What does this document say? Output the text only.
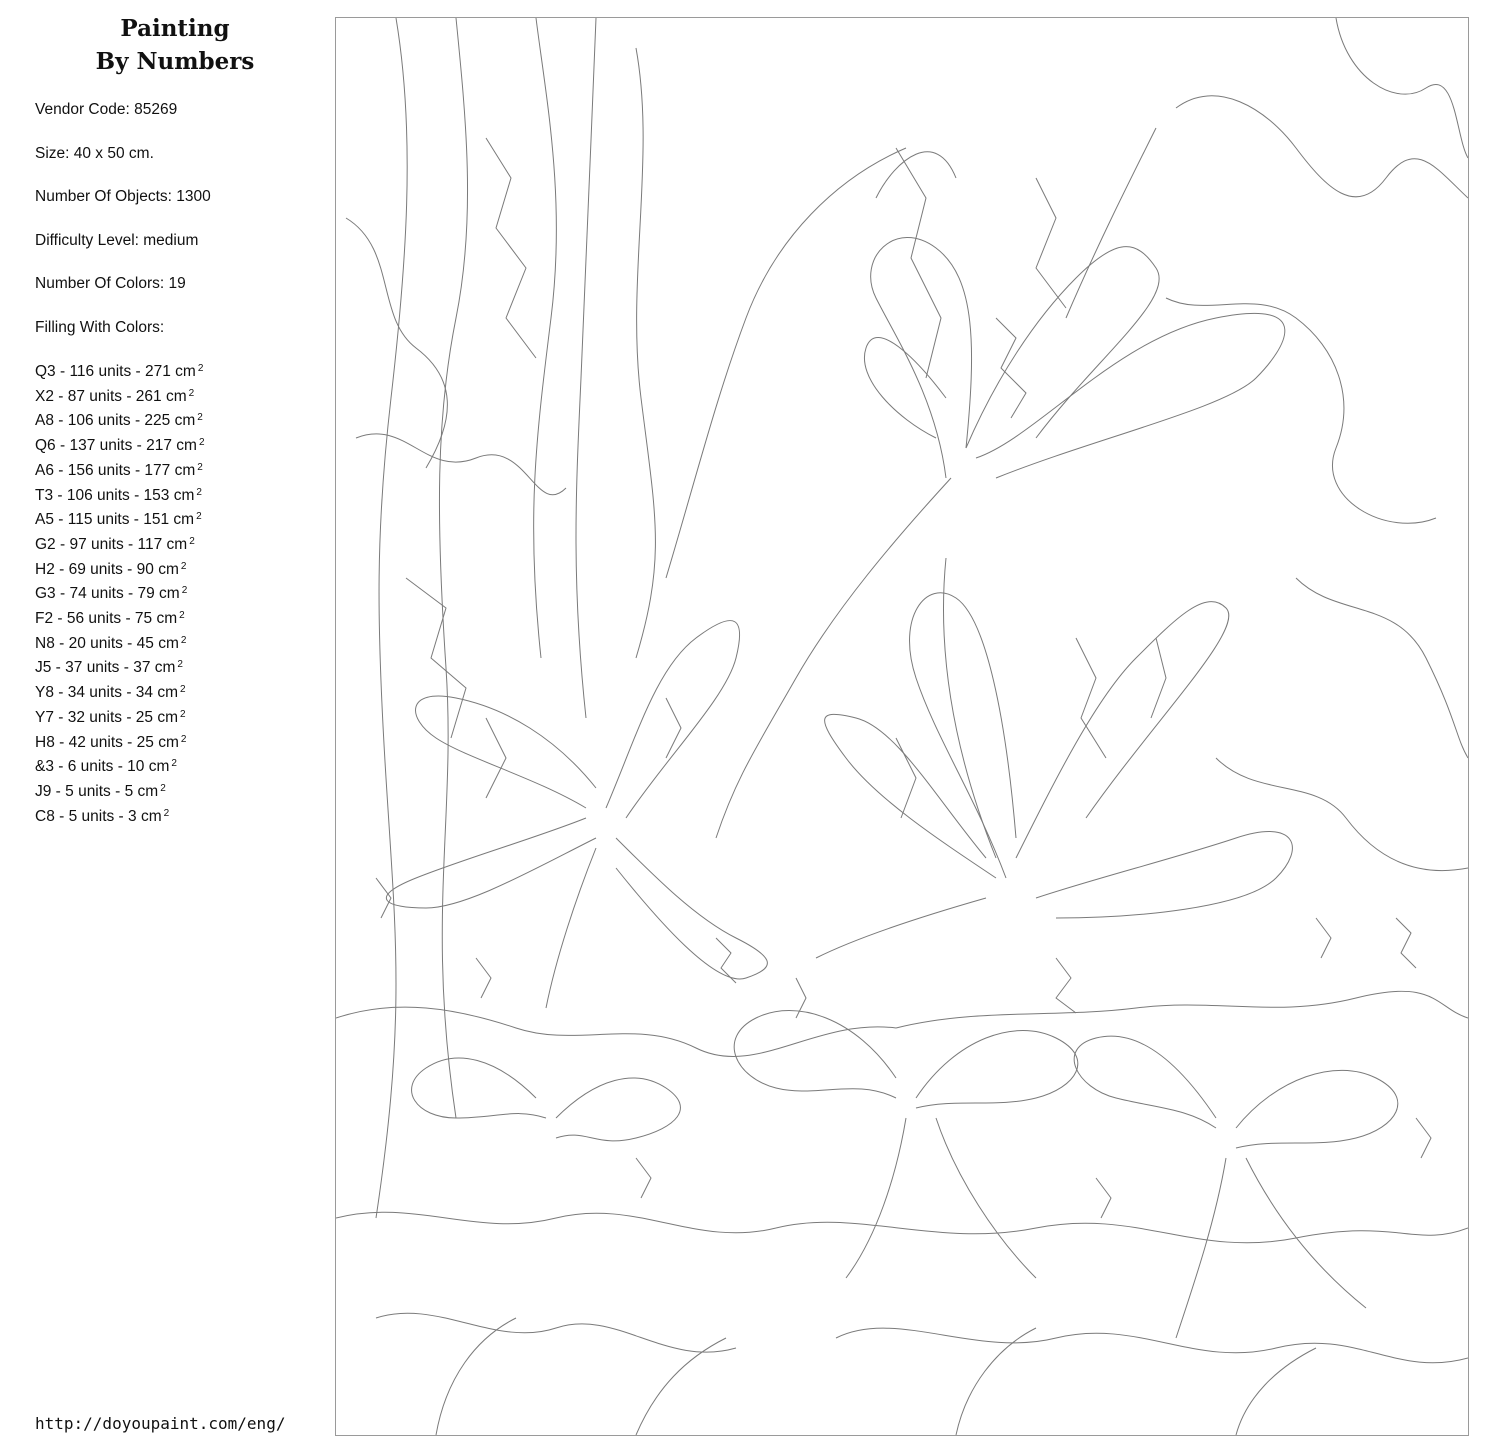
Painting
By Numbers
Vendor Code: 85269
Size: 40 x 50 cm.
Number Of Objects: 1300
Difficulty Level: medium
Number Of Colors: 19
Filling With Colors:
Q3 - 116 units - 271 cm $^2$
X2 - 87 units - 261 cm $^2$
A8 - 106 units - 225 cm $^2$
Q6 - 137 units - 217 cm $^2$
A6 - 156 units - 177 cm $^2$
T3 - 106 units - 153 cm $^2$
A5 - 115 units - 151 cm $^2$
G2 - 97 units - 117 cm $^2$
H2 - 69 units - 90 cm $^2$
G3 - 74 units - 79 cm $^2$
F2 - 56 units - 75 cm $^2$
N8 - 20 units - 45 cm $^2$
J5 - 37 units - 37 cm $^2$
Y8 - 34 units - 34 cm $^2$
Y7 - 32 units - 25 cm $^2$
H8 - 42 units - 25 cm $^2$
&3 - 6 units - 10 cm $^2$
J9 - 5 units - 5 cm $^2$
C8 - 5 units - 3 cm $^2$
http://doyoupaint.com/eng/
